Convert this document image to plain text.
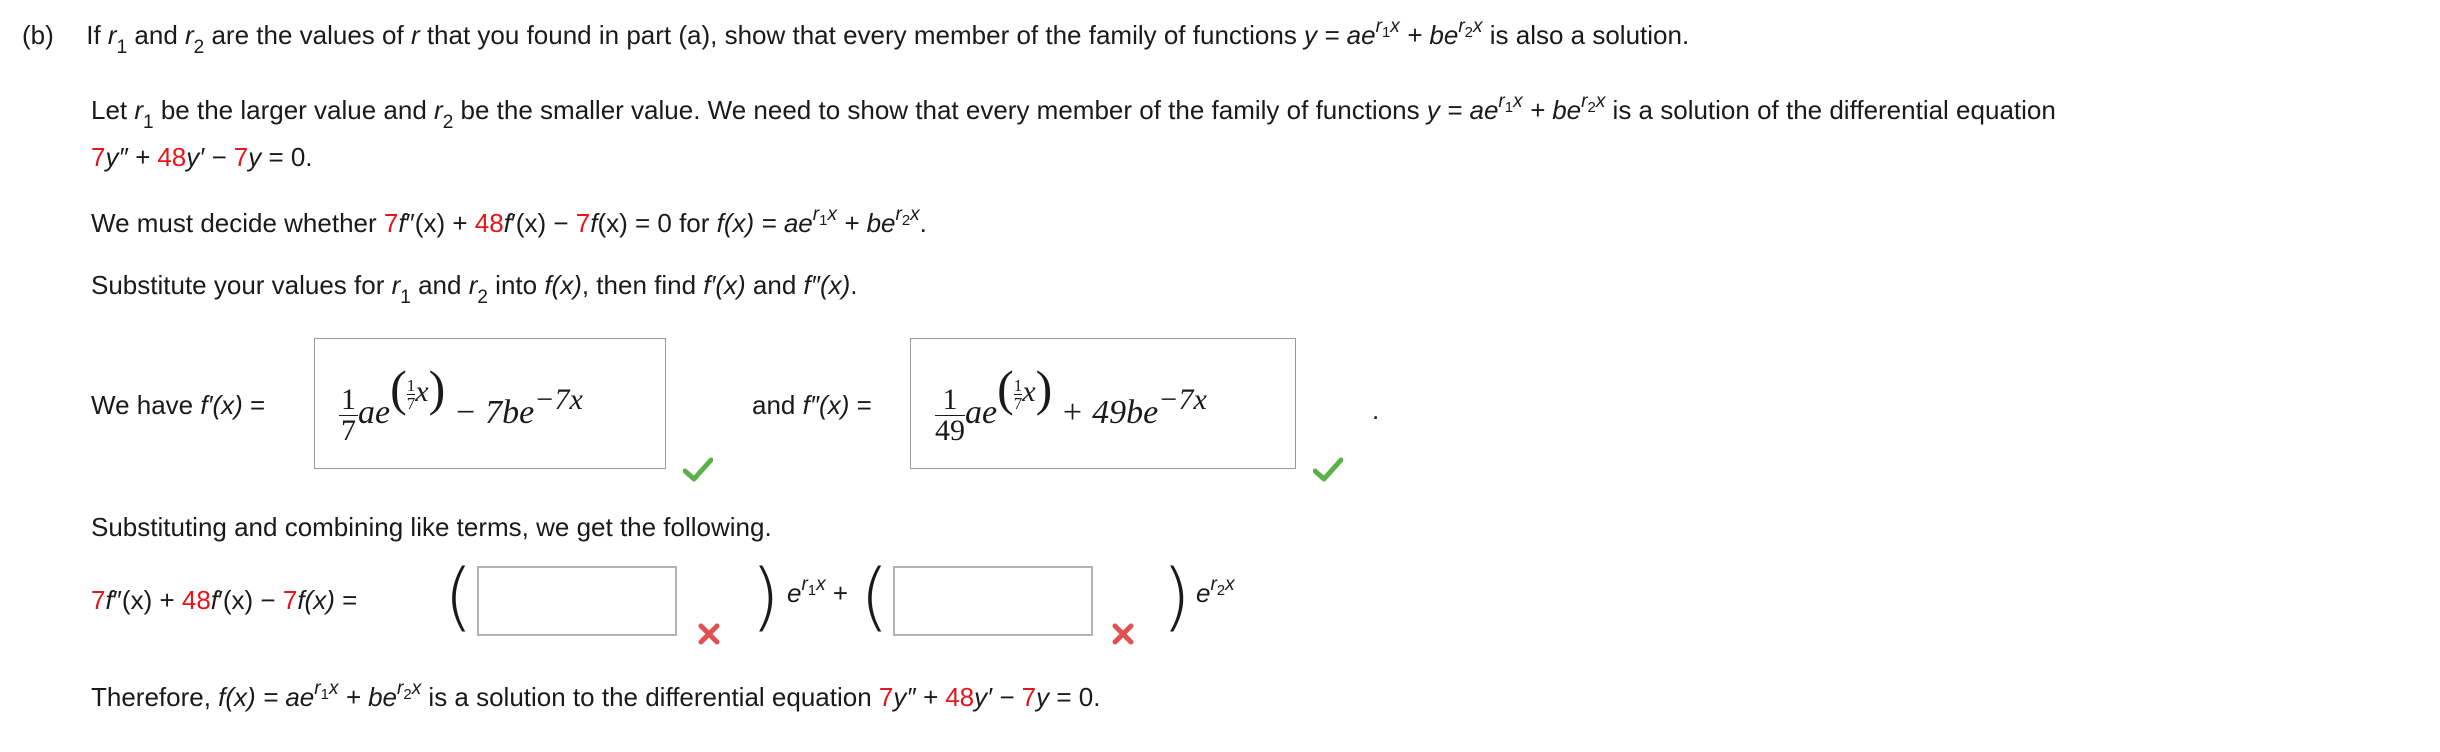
(b) If $r_1$ and $r_2$ are the values of r that you found in part (a), show that every member of the family of functions $y = ae^{r_1x} + be^{r_2x}$ is also a solution.
Let $r_1$ be the larger value and $r_2$ be the smaller value. We need to show that every member of the family of functions $y = ae^{r_1x} + be^{r_2x}$ is a solution of the differential equation
7y″ + 48y′ − 7y = 0.
We must decide whether 7f″(x) + 48f′(x) − 7f(x) = 0 for $f(x) = ae^{r_1x} + be^{r_2x}$.
Substitute your values for $r_1$ and $r_2$ into f(x), then find f′(x) and f″(x).
We have $f'(x) = \frac{1}{7} ae( \frac{1}{7} x) - 7be^{-7x}$	and $f''(x) = \frac{1}{49} ae( \frac{1}{7} x) + 49be^{-7x}$	.
Substituting and combining like terms, we get the following.
7f″(x) + 48f′(x) − 7f(x) = (	) $e^{r_1x}$ + (	) $e^{r_2x}$
Therefore, $f(x) = ae^{r_1x} + be^{r_2x}$ is a solution to the differential equation 7y″ + 48y′ − 7y = 0.
